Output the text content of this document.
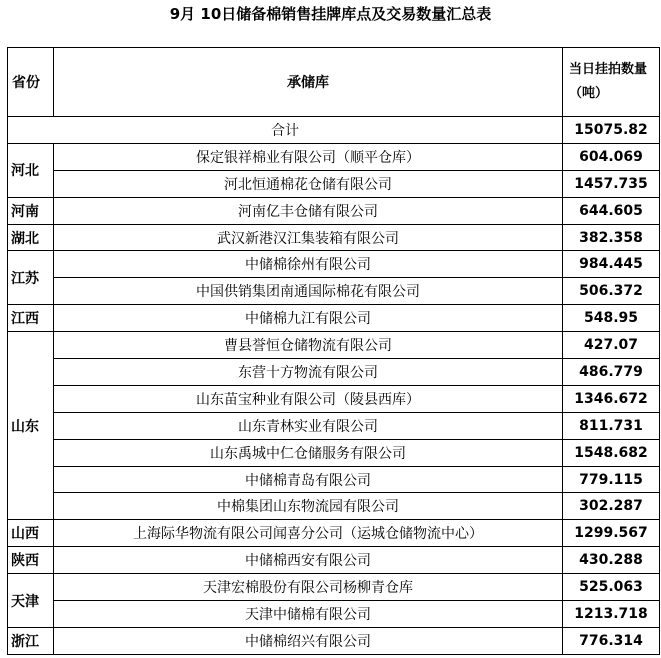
9月 10日储备棉销售挂牌库点及交易数量汇总表
省份	承储库	当日挂拍数量（吨）
合计		15075.82
河北	保定银祥棉业有限公司（顺平仓库）	604.069
	河北恒通棉花仓储有限公司	1457.735
河南	河南亿丰仓储有限公司	644.605
湖北	武汉新港汉江集装箱有限公司	382.358
江苏	中储棉徐州有限公司	984.445
	中国供销集团南通国际棉花有限公司	506.372
江西	中储棉九江有限公司	548.95
山东	曹县誉恒仓储物流有限公司	427.07
	东营十方物流有限公司	486.779
	山东苗宝种业有限公司（陵县西库）	1346.672
	山东青林实业有限公司	811.731
	山东禹城中仁仓储服务有限公司	1548.682
	中储棉青岛有限公司	779.115
	中棉集团山东物流园有限公司	302.287
山西	上海际华物流有限公司闻喜分公司（运城仓储物流中心）	1299.567
陕西	中储棉西安有限公司	430.288
天津	天津宏棉股份有限公司杨柳青仓库	525.063
	天津中储棉有限公司	1213.718
浙江	中储棉绍兴有限公司	776.314
